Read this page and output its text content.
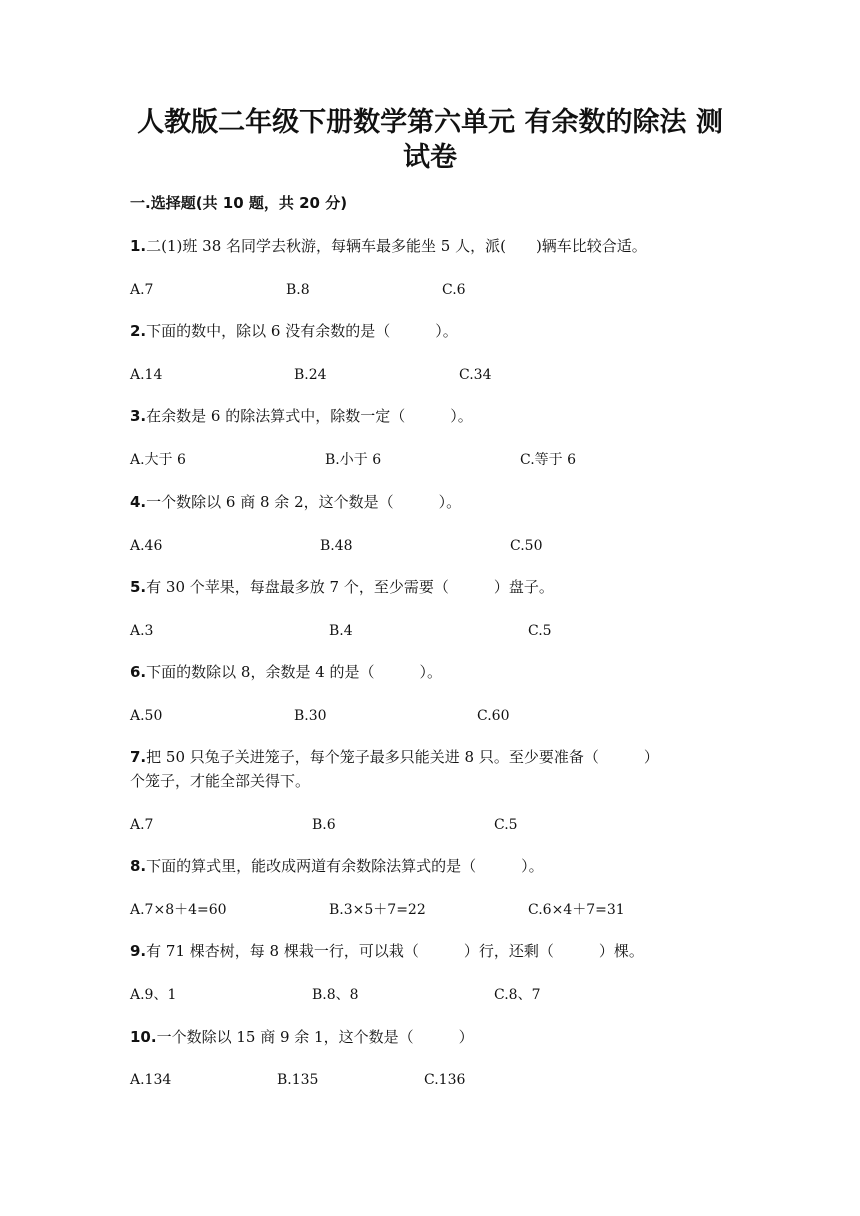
人教版二年级下册数学第六单元 有余数的除法 测
试卷
一.选择题(共 10 题，共 20 分)
1.二(1)班 38 名同学去秋游，每辆车最多能坐 5 人，派(　　)辆车比较合适。
A.7	B.8	C.6
2.下面的数中，除以 6 没有余数的是（　　　）。
A.14	B.24	C.34
3.在余数是 6 的除法算式中，除数一定（　　　）。
A.大于 6	B.小于 6	C.等于 6
4.一个数除以 6 商 8 余 2，这个数是（　　　）。
A.46	B.48	C.50
5.有 30 个苹果，每盘最多放 7 个，至少需要（　　　）盘子。
A.3	B.4	C.5
6.下面的数除以 8，余数是 4 的是（　　　）。
A.50	B.30	C.60
7.把 50 只兔子关进笼子，每个笼子最多只能关进 8 只。至少要准备（　　　）
个笼子，才能全部关得下。
A.7	B.6	C.5
8.下面的算式里，能改成两道有余数除法算式的是（　　　）。
A.7×8＋4=60	B.3×5＋7=22	C.6×4＋7=31
9.有 71 棵杏树，每 8 棵栽一行，可以栽（　　　）行，还剩（　　　）棵。
A.9、1	B.8、8	C.8、7
10.一个数除以 15 商 9 余 1，这个数是（　　　）
A.134	B.135	C.136
